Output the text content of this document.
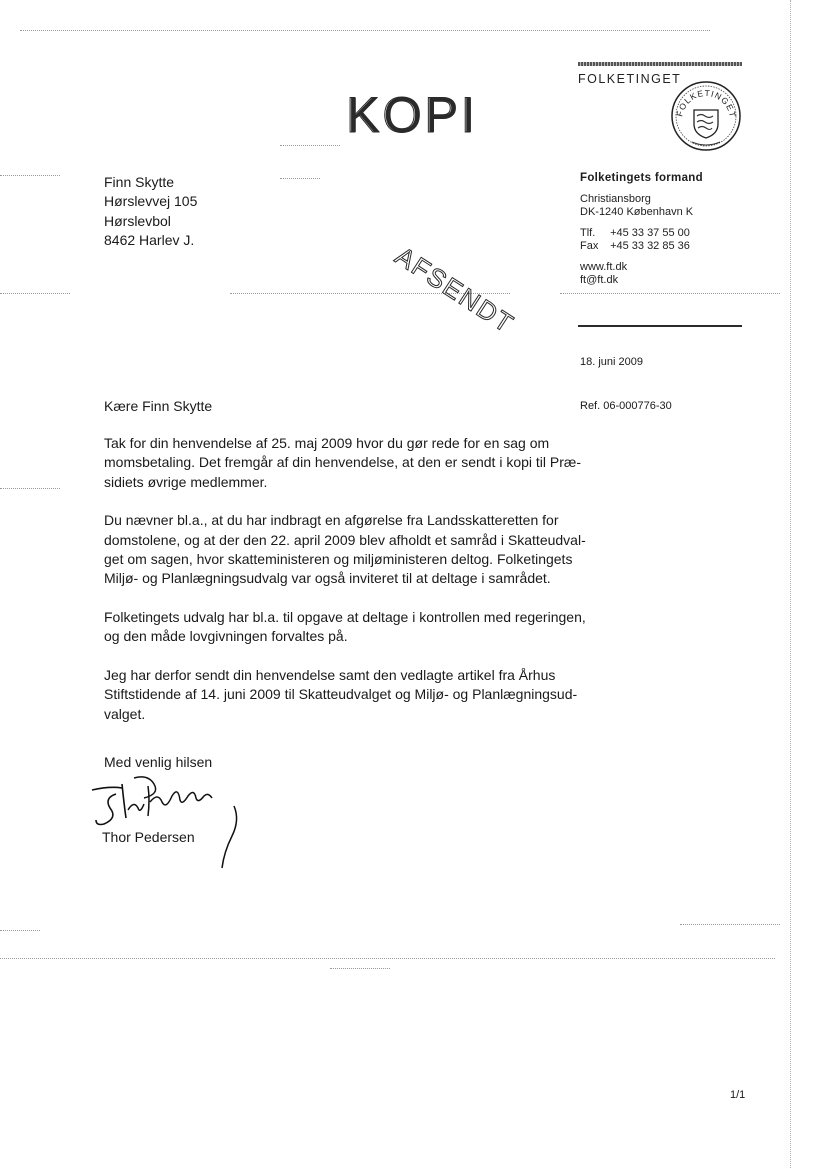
KOPI
AFSENDT
FOLKETINGET
FOLKETINGET
Finn Skytte
Hørslevvej 105
Hørslevbol
8462 Harlev J.
Folketingets formand
Christiansborg
DK-1240 København K
Tlf. +45 33 37 55 00
Fax +45 33 32 85 36
www.ft.dk
ft@ft.dk
18. juni 2009
Ref. 06-000776-30
Kære Finn Skytte

Tak for din henvendelse af 25. maj 2009 hvor du gør rede for en sag om
momsbetaling. Det fremgår af din henvendelse, at den er sendt i kopi til Præ-
sidiets øvrige medlemmer.

Du nævner bl.a., at du har indbragt en afgørelse fra Landsskatteretten for
domstolene, og at der den 22. april 2009 blev afholdt et samråd i Skatteudval-
get om sagen, hvor skatteministeren og miljøministeren deltog. Folketingets
Miljø- og Planlægningsudvalg var også inviteret til at deltage i samrådet.

Folketingets udvalg har bl.a. til opgave at deltage i kontrollen med regeringen,
og den måde lovgivningen forvaltes på.

Jeg har derfor sendt din henvendelse samt den vedlagte artikel fra Århus
Stiftstidende af 14. juni 2009 til Skatteudvalget og Miljø- og Planlægningsud-
valget.

Med venlig hilsen
Thor Pedersen
1/1
